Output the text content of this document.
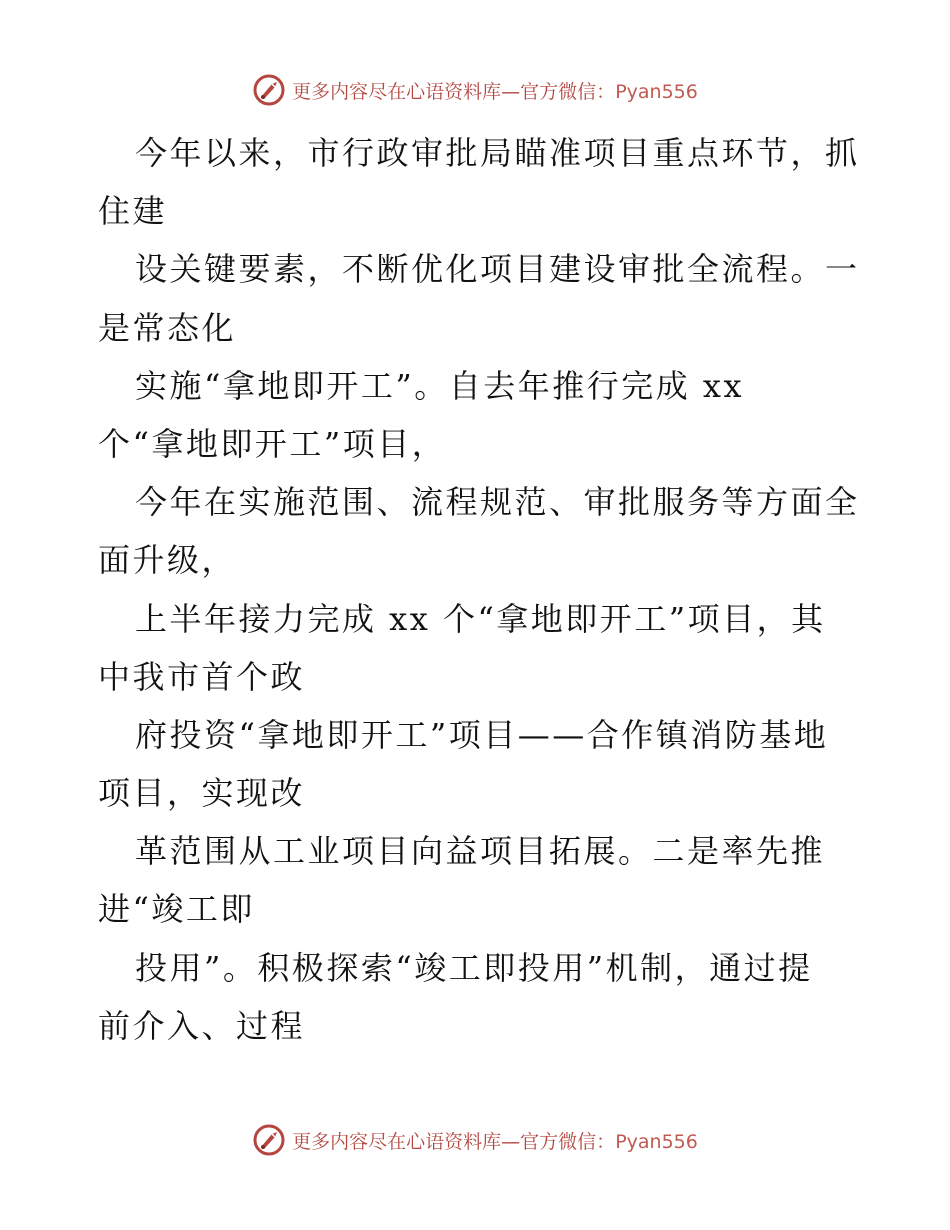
更多内容尽在心语资料库—官方微信：Pyan556
今年以来，市行政审批局瞄准项目重点环节，抓
住建
设关键要素，不断优化项目建设审批全流程。一
是常态化
实施“拿地即开工”。自去年推行完成 xx
个“拿地即开工”项目，
今年在实施范围、流程规范、审批服务等方面全
面升级，
上半年接力完成 xx 个“拿地即开工”项目，其
中我市首个政
府投资“拿地即开工”项目——合作镇消防基地
项目，实现改
革范围从工业项目向益项目拓展。二是率先推
进“竣工即
投用”。积极探索“竣工即投用”机制，通过提
前介入、过程
更多内容尽在心语资料库—官方微信：Pyan556
